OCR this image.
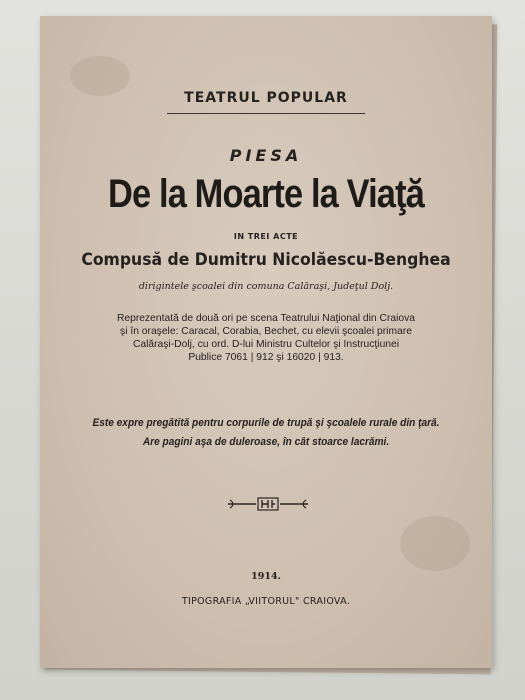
TEATRUL POPULAR
PIESA
De la Moarte la Viaţă
IN TREI ACTE
Compusă de Dumitru Nicolăescu-Benghea
dirigintele şcoalei din comuna Calăraşi, Judeţul Dolj.
Reprezentată de două ori pe scena Teatrului Naţional din Craiova
şi în oraşele: Caracal, Corabia, Bechet, cu elevii şcoalei primare
Calăraşi-Dolj, cu ord. D-lui Ministru Cultelor şi Instrucţiunei
Publice 7061 | 912 şi 16020 | 913.
Este expre pregătită pentru corpurile de trupă şi şcoalele rurale din ţară.
Are pagini aşa de duleroase, în cât stoarce lacrămi.
1914.
TIPOGRAFIA „VIITORUL" CRAIOVA.
